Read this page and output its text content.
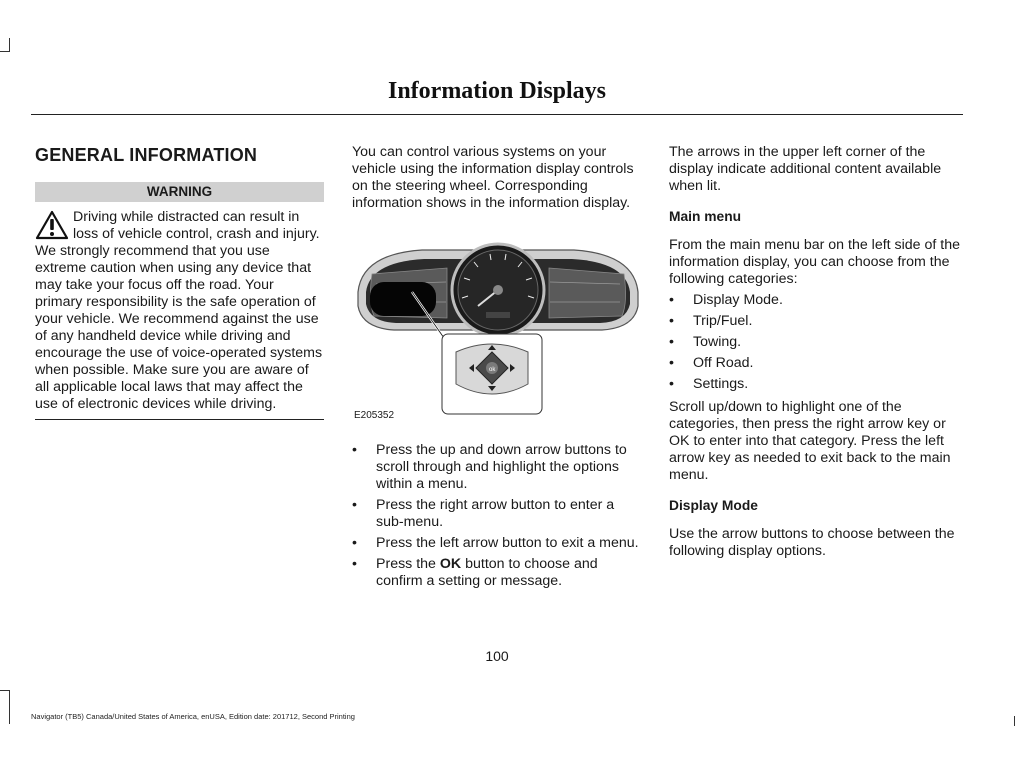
Information Displays
GENERAL INFORMATION
WARNING

Driving while distracted can result in loss of vehicle control, crash and injury. We strongly recommend that you use extreme caution when using any device that may take your focus off the road. Your primary responsibility is the safe operation of your vehicle. We recommend against the use of any handheld device while driving and encourage the use of voice-operated systems when possible. Make sure you are aware of all applicable local laws that may affect the use of electronic devices while driving.

You can control various systems on your vehicle using the information display controls on the steering wheel. Corresponding information shows in the information display.

ok
E205352
• Press the up and down arrow buttons to scroll through and highlight the options within a menu.
• Press the right arrow button to enter a sub-menu.
• Press the left arrow button to exit a menu.
• Press the OK button to choose and confirm a setting or message.

The arrows in the upper left corner of the display indicate additional content available when lit.

Main menu

From the main menu bar on the left side of the information display, you can choose from the following categories:

• Display Mode.
• Trip/Fuel.
• Towing.
• Off Road.
• Settings.

Scroll up/down to highlight one of the categories, then press the right arrow key or OK to enter into that category. Press the left arrow key as needed to exit back to the main menu.

Display Mode

Use the arrow buttons to choose between the following display options.

100
Navigator (TB5) Canada/United States of America, enUSA, Edition date: 201712, Second Printing
